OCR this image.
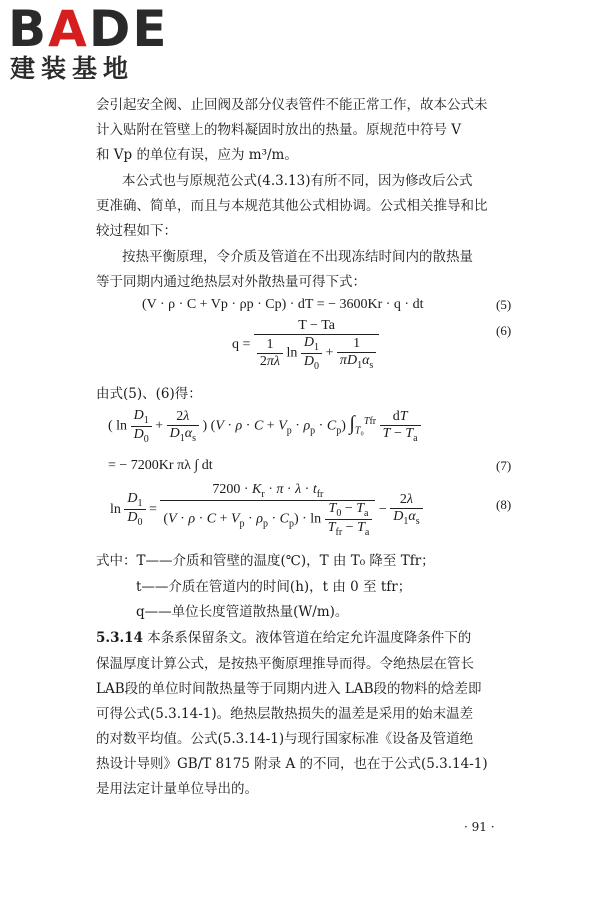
BADE
建装基地
会引起安全阀、止回阀及部分仪表管件不能正常工作，故本公式未
计入贴附在管壁上的物料凝固时放出的热量。原规范中符号 V
和 Vp 的单位有误，应为 m³/m。
本公式也与原规范公式(4.3.13)有所不同，因为修改后公式
更准确、简单，而且与本规范其他公式相协调。公式相关推导和比
较过程如下：
按热平衡原理，令介质及管道在不出现冻结时间内的散热量
等于同期内通过绝热层对外散热量可得下式：
(V · ρ · C + Vp · ρp · Cp) · dT = − 3600Kr · q · dt	(5)
$q = \frac{T - Ta}{\frac{1}{2\pi\lambda} \ln \frac{D_1}{D_0} + \frac{1}{\pi D_1\alpha_s}}$	(6)
由式(5)、(6)得：
( $\ln \frac{D_1}{D_0} + \frac{2\lambda}{D_1\alpha_s}$ ) $(V \cdot \rho \cdot C + V_p \cdot \rho_p \cdot C_p)$ $\int_{T_0}^{Tfr} \frac{dT}{T - T_a}$
= − 7200Kr πλ ∫ dt	(7)
$\ln \frac{D_1}{D_0} = \frac{7200 \cdot K_r \cdot \pi \cdot \lambda \cdot t_{fr}}{(V \cdot \rho \cdot C + V_p \cdot \rho_p \cdot C_p) \cdot \ln \frac{T_0 - T_a}{T_{fr} - T_a}} - \frac{2\lambda}{D_1\alpha_s}$	(8)
式中：T——介质和管壁的温度(℃)，T 由 T₀ 降至 Tfr；
t——介质在管道内的时间(h)，t 由 0 至 tfr；
q——单位长度管道散热量(W/m)。
5.3.14 本条系保留条文。液体管道在给定允许温度降条件下的
保温厚度计算公式，是按热平衡原理推导而得。令绝热层在管长
LAB段的单位时间散热量等于同期内进入 LAB段的物料的焓差即
可得公式(5.3.14-1)。绝热层散热损失的温差是采用的始末温差
的对数平均值。公式(5.3.14-1)与现行国家标准《设备及管道绝
热设计导则》GB/T 8175 附录 A 的不同，也在于公式(5.3.14-1)
是用法定计量单位导出的。
· 91 ·
